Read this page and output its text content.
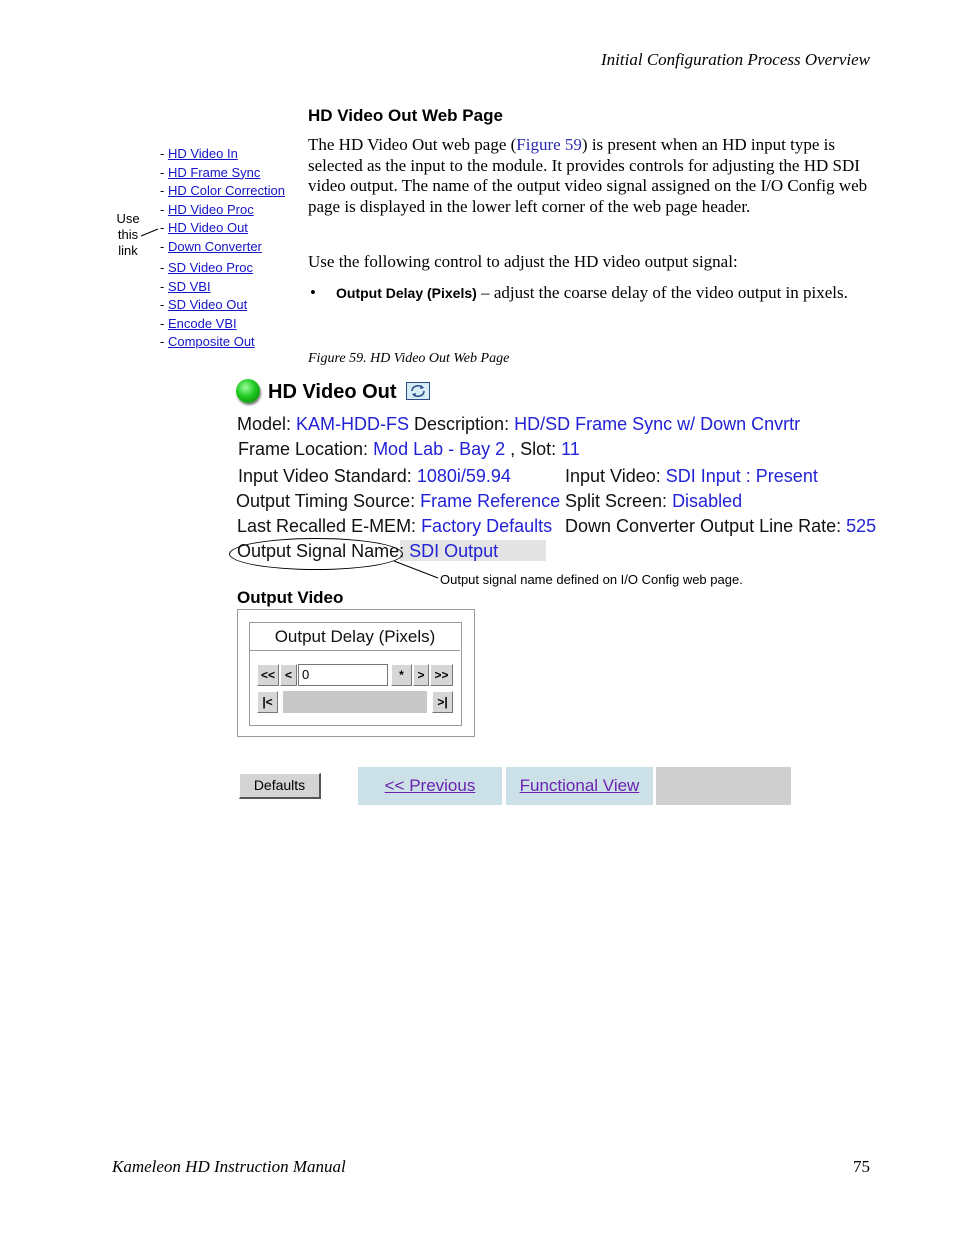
Initial Configuration Process Overview
HD Video Out Web Page
The HD Video Out web page (Figure 59) is present when an HD input type is selected as the input to the module. It provides controls for adjusting the HD SDI video output. The name of the output video signal assigned on the I/O Config web page is displayed in the lower left corner of the web page header.
Use the following control to adjust the HD video output signal:
• Output Delay (Pixels) – adjust the coarse delay of the video output in pixels.
- HD Video In
- HD Frame Sync
- HD Color Correction
- HD Video Proc
- HD Video Out
- Down Converter
- SD Video Proc
- SD VBI
- SD Video Out
- Encode VBI
- Composite Out
Use
this
link
Figure 59. HD Video Out Web Page
HD Video Out
Model: KAM-HDD-FS Description: HD/SD Frame Sync w/ Down Cnvrtr
Frame Location: Mod Lab - Bay 2 , Slot: 11
Input Video Standard: 1080i/59.94	Input Video: SDI Input : Present
Output Timing Source: Frame Reference Split Screen: Disabled
Last Recalled E-MEM: Factory Defaults Down Converter Output Line Rate: 525
Output Signal Name: SDI Output
Output signal name defined on I/O Config web page.
Output Video
Output Delay (Pixels)
<< < 0	*	> >>
|<	>|
Defaults	<< Previous	Functional View
Kameleon HD Instruction Manual	75
